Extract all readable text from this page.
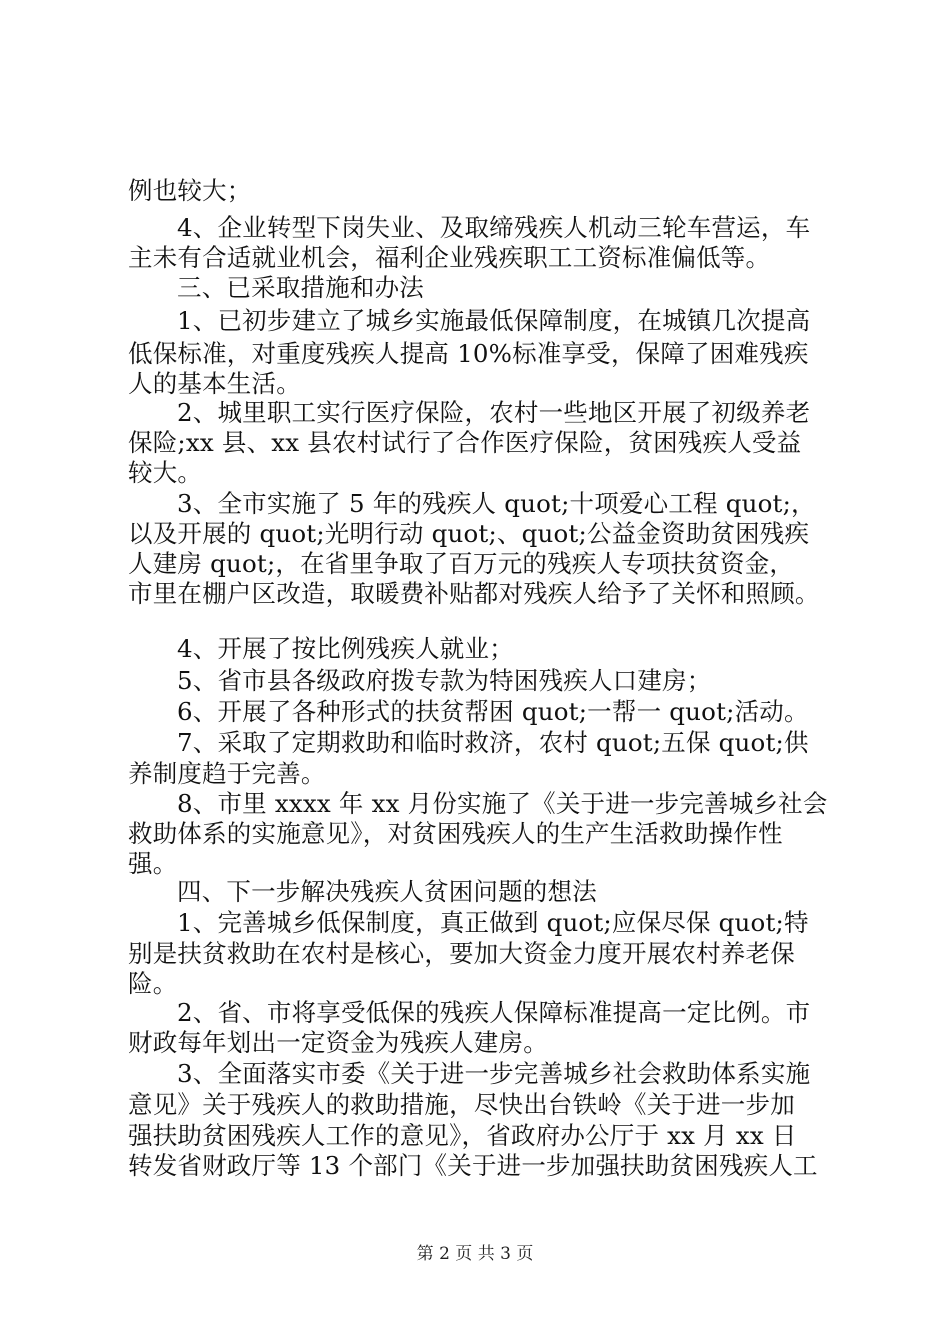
例也较大；
4、企业转型下岗失业、及取缔残疾人机动三轮车营运，车
主未有合适就业机会，福利企业残疾职工工资标准偏低等。
三、已采取措施和办法
1、已初步建立了城乡实施最低保障制度，在城镇几次提高
低保标准，对重度残疾人提高 10%标准享受，保障了困难残疾
人的基本生活。
2、城里职工实行医疗保险，农村一些地区开展了初级养老
保险;xx 县、xx 县农村试行了合作医疗保险，贫困残疾人受益
较大。
3、全市实施了 5 年的残疾人 quot;十项爱心工程 quot;，
以及开展的 quot;光明行动 quot;、quot;公益金资助贫困残疾
人建房 quot;，在省里争取了百万元的残疾人专项扶贫资金，
市里在棚户区改造，取暖费补贴都对残疾人给予了关怀和照顾。
4、开展了按比例残疾人就业；
5、省市县各级政府拨专款为特困残疾人口建房；
6、开展了各种形式的扶贫帮困 quot;一帮一 quot;活动。
7、采取了定期救助和临时救济，农村 quot;五保 quot;供
养制度趋于完善。
8、市里 xxxx 年 xx 月份实施了《关于进一步完善城乡社会
救助体系的实施意见》，对贫困残疾人的生产生活救助操作性
强。
四、下一步解决残疾人贫困问题的想法
1、完善城乡低保制度，真正做到 quot;应保尽保 quot;特
别是扶贫救助在农村是核心，要加大资金力度开展农村养老保
险。
2、省、市将享受低保的残疾人保障标准提高一定比例。市
财政每年划出一定资金为残疾人建房。
3、全面落实市委《关于进一步完善城乡社会救助体系实施
意见》关于残疾人的救助措施，尽快出台铁岭《关于进一步加
强扶助贫困残疾人工作的意见》，省政府办公厅于 xx 月 xx 日
转发省财政厅等 13 个部门《关于进一步加强扶助贫困残疾人工
第 2 页 共 3 页
